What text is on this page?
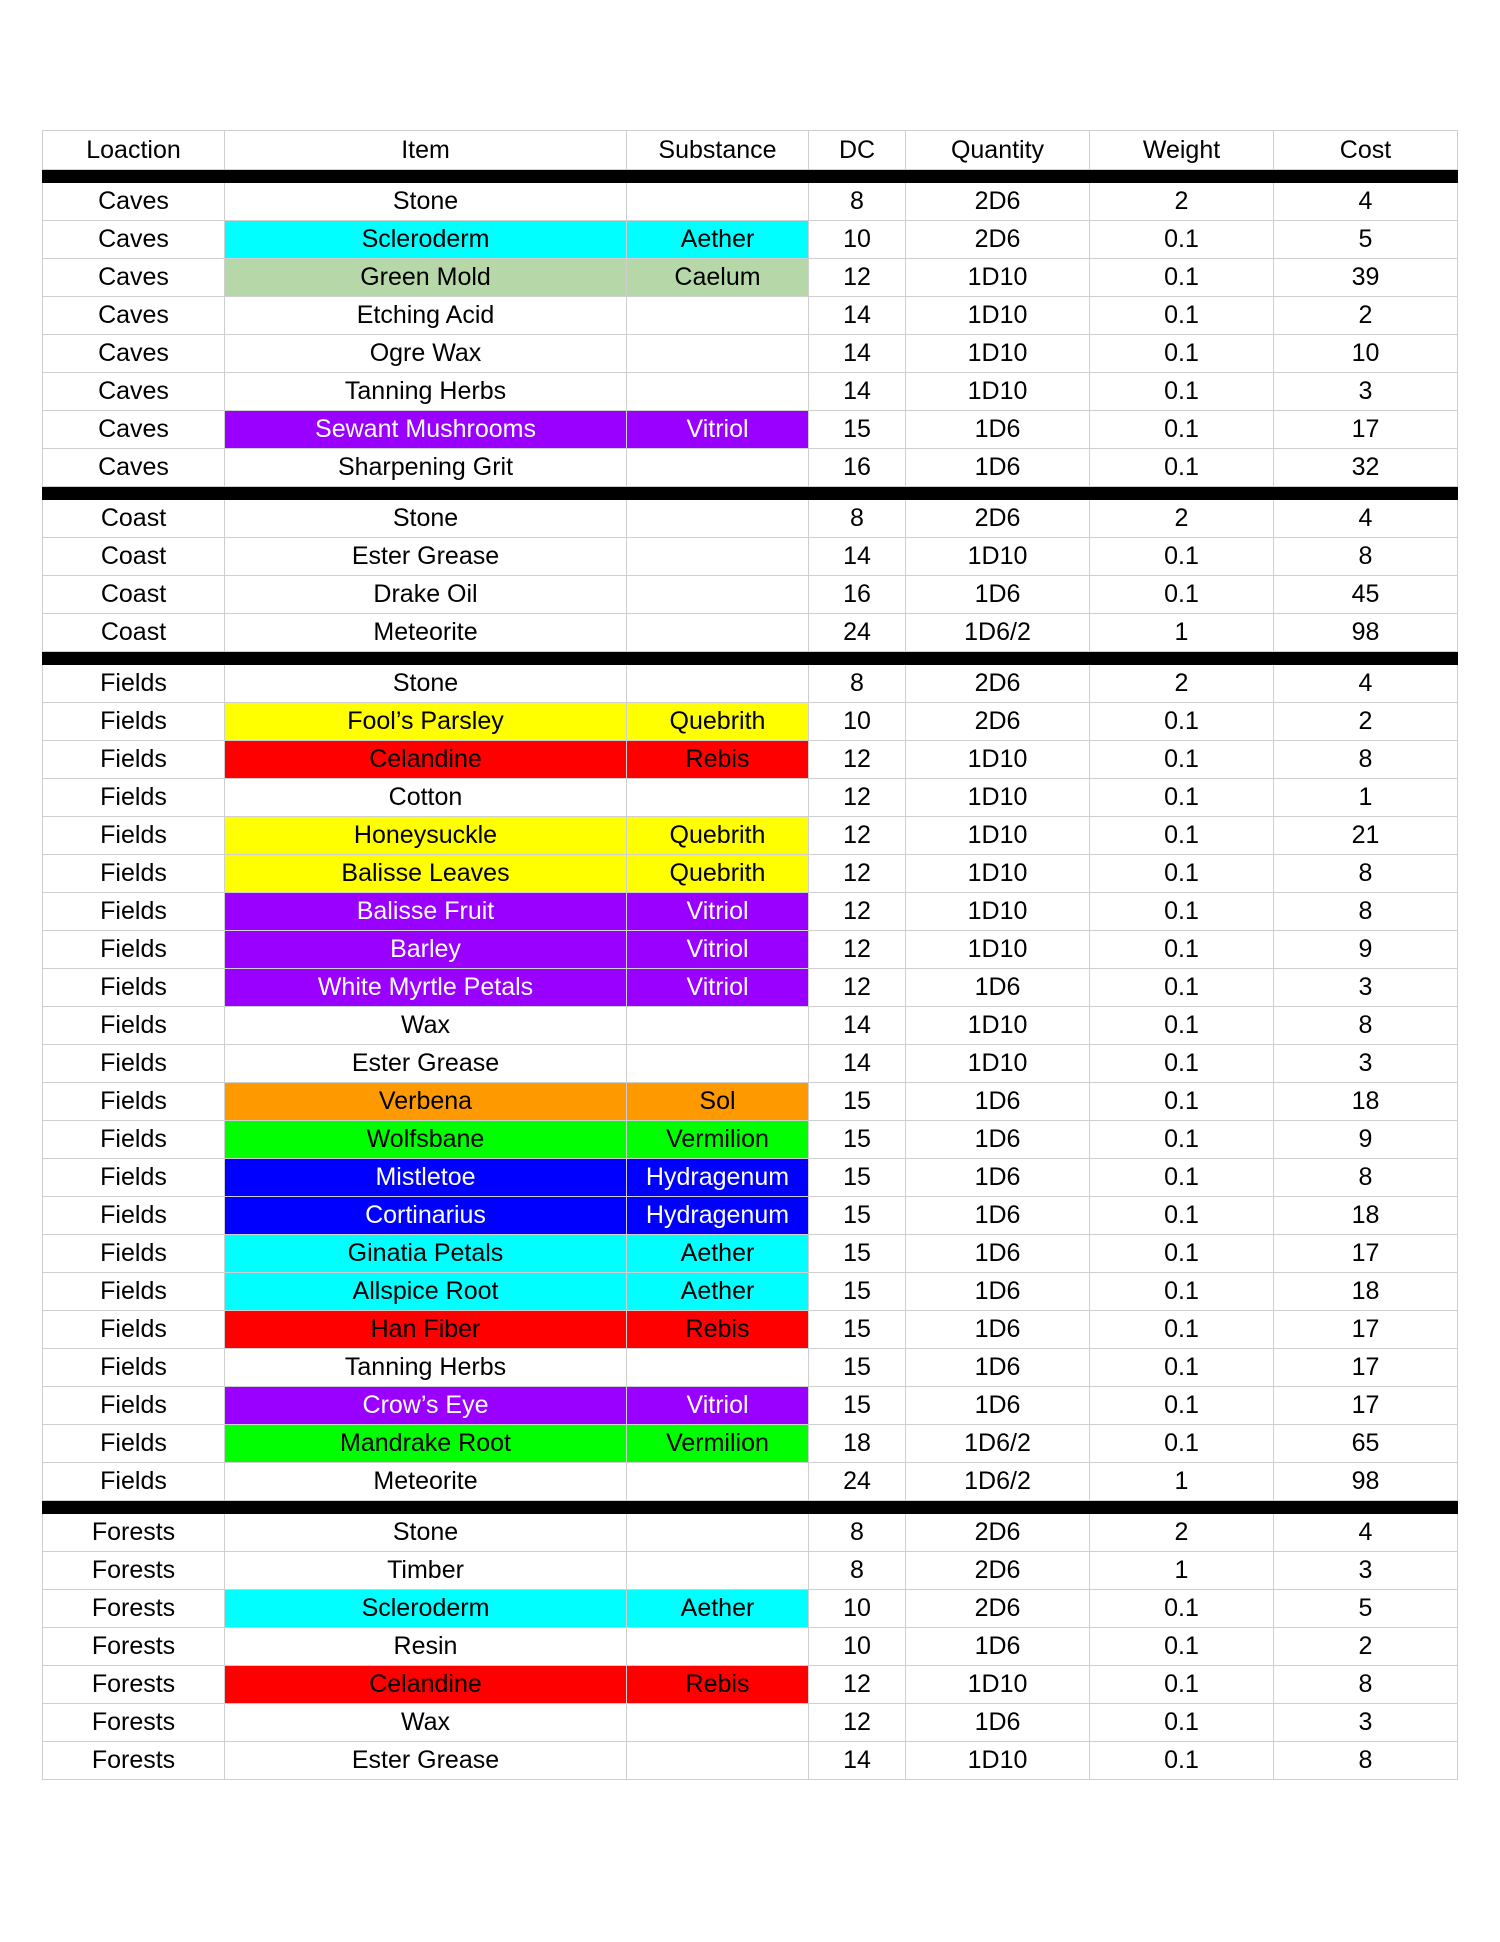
Loaction	Item	Substance	DC	Quantity	Weight	Cost

Caves	Stone		8	2D6	2	4
Caves	Scleroderm	Aether	10	2D6	0.1	5
Caves	Green Mold	Caelum	12	1D10	0.1	39
Caves	Etching Acid		14	1D10	0.1	2
Caves	Ogre Wax		14	1D10	0.1	10
Caves	Tanning Herbs		14	1D10	0.1	3
Caves	Sewant Mushrooms	Vitriol	15	1D6	0.1	17
Caves	Sharpening Grit		16	1D6	0.1	32

Coast	Stone		8	2D6	2	4
Coast	Ester Grease		14	1D10	0.1	8
Coast	Drake Oil		16	1D6	0.1	45
Coast	Meteorite		24	1D6/2	1	98

Fields	Stone		8	2D6	2	4
Fields	Fool’s Parsley	Quebrith	10	2D6	0.1	2
Fields	Celandine	Rebis	12	1D10	0.1	8
Fields	Cotton		12	1D10	0.1	1
Fields	Honeysuckle	Quebrith	12	1D10	0.1	21
Fields	Balisse Leaves	Quebrith	12	1D10	0.1	8
Fields	Balisse Fruit	Vitriol	12	1D10	0.1	8
Fields	Barley	Vitriol	12	1D10	0.1	9
Fields	White Myrtle Petals	Vitriol	12	1D6	0.1	3
Fields	Wax		14	1D10	0.1	8
Fields	Ester Grease		14	1D10	0.1	3
Fields	Verbena	Sol	15	1D6	0.1	18
Fields	Wolfsbane	Vermilion	15	1D6	0.1	9
Fields	Mistletoe	Hydragenum	15	1D6	0.1	8
Fields	Cortinarius	Hydragenum	15	1D6	0.1	18
Fields	Ginatia Petals	Aether	15	1D6	0.1	17
Fields	Allspice Root	Aether	15	1D6	0.1	18
Fields	Han Fiber	Rebis	15	1D6	0.1	17
Fields	Tanning Herbs		15	1D6	0.1	17
Fields	Crow’s Eye	Vitriol	15	1D6	0.1	17
Fields	Mandrake Root	Vermilion	18	1D6/2	0.1	65
Fields	Meteorite		24	1D6/2	1	98

Forests	Stone		8	2D6	2	4
Forests	Timber		8	2D6	1	3
Forests	Scleroderm	Aether	10	2D6	0.1	5
Forests	Resin		10	1D6	0.1	2
Forests	Celandine	Rebis	12	1D10	0.1	8
Forests	Wax		12	1D6	0.1	3
Forests	Ester Grease		14	1D10	0.1	8
